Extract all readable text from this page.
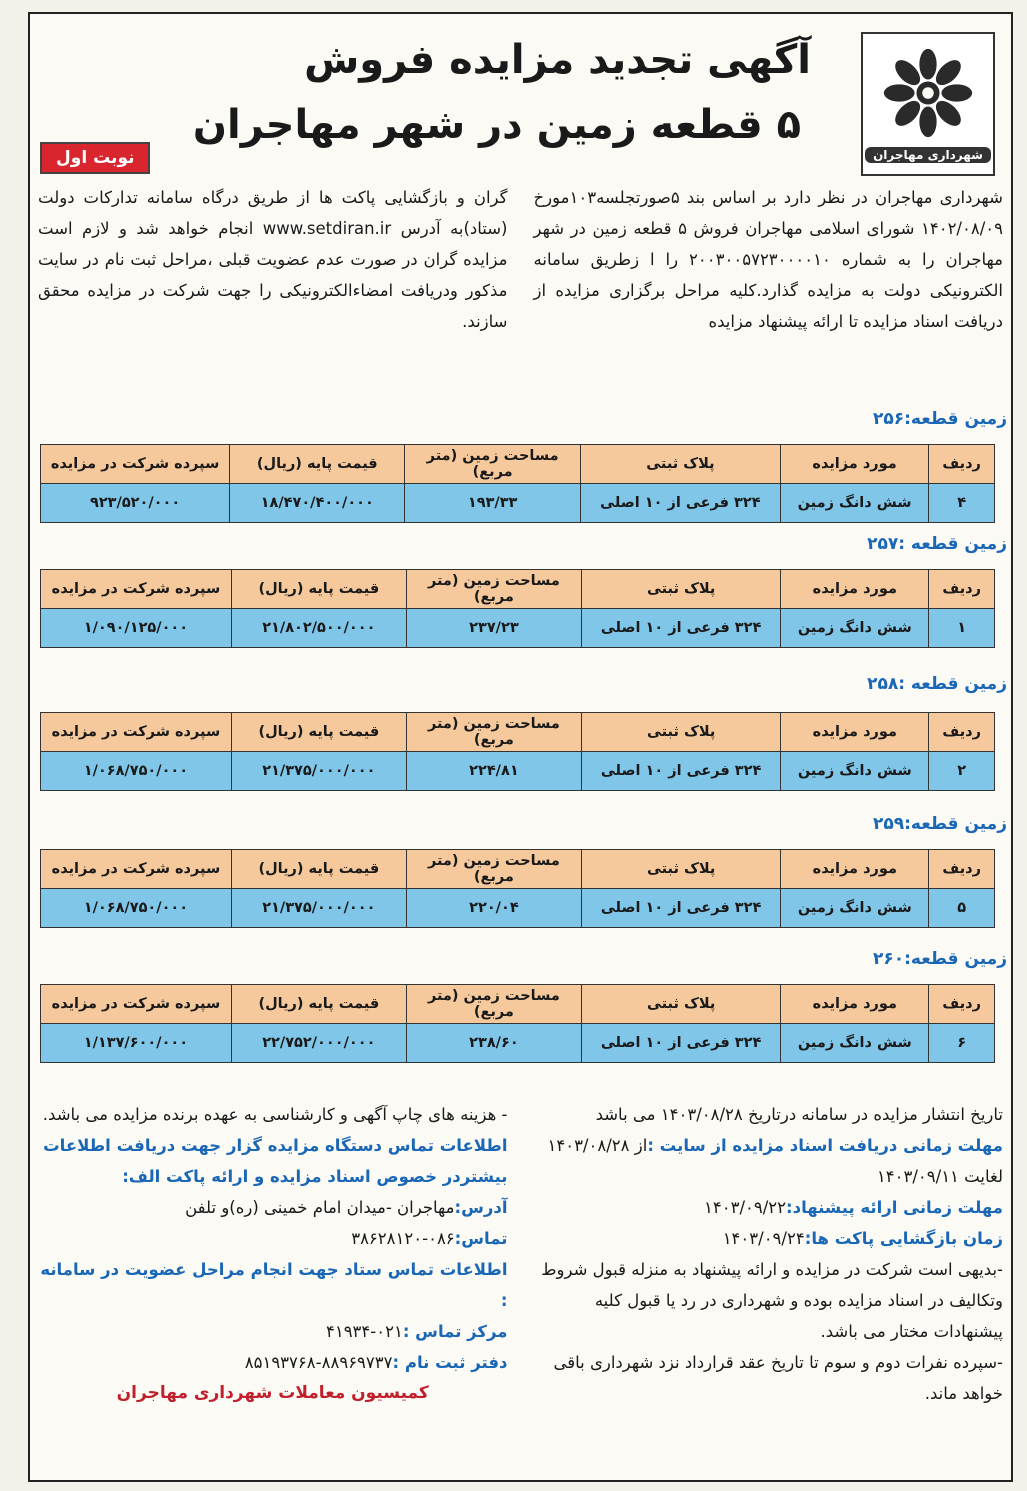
شهرداری مهاجران
آگهی تجدید مزایده فروش
۵ قطعه زمین در شهر مهاجران
نوبت اول

شهرداری مهاجران در نظر دارد بر اساس بند ۵صورتجلسه۱۰۳مورخ ۱۴۰۲/۰۸/۰۹ شورای اسلامی مهاجران فروش ۵ قطعه زمین در شهر مهاجران را به شماره ۲۰۰۳۰۰۵۷۲۳۰۰۰۰۱۰ را ا زطریق سامانه الکترونیکی دولت به مزایده گذارد.کلیه مراحل برگزاری مزایده از دریافت اسناد مزایده تا ارائه پیشنهاد مزایده

گران و بازگشایی پاکت ها از طریق درگاه سامانه تدارکات دولت (ستاد)به آدرس www.setdiran.ir انجام خواهد شد و لازم است مزایده گران در صورت عدم عضویت قبلی ،مراحل ثبت نام در سایت مذکور ودریافت امضاءالکترونیکی را جهت شرکت در مزایده محقق سازند.

زمین قطعه:۲۵۶
ردیف	مورد مزایده	پلاک ثبتی	مساحت زمین (متر مربع)	قیمت پایه (ریال)	سپرده شرکت در مزایده
۴	شش دانگ زمین	۳۲۴ فرعی از ۱۰ اصلی	۱۹۳/۳۳	۱۸/۴۷۰/۴۰۰/۰۰۰	۹۲۳/۵۲۰/۰۰۰
زمین قطعه :۲۵۷
ردیف	مورد مزایده	پلاک ثبتی	مساحت زمین (متر مربع)	قیمت پایه (ریال)	سپرده شرکت در مزایده
۱	شش دانگ زمین	۳۲۴ فرعی از ۱۰ اصلی	۲۳۷/۲۳	۲۱/۸۰۲/۵۰۰/۰۰۰	۱/۰۹۰/۱۲۵/۰۰۰
زمین قطعه :۲۵۸
ردیف	مورد مزایده	پلاک ثبتی	مساحت زمین (متر مربع)	قیمت پایه (ریال)	سپرده شرکت در مزایده
۲	شش دانگ زمین	۳۲۴ فرعی از ۱۰ اصلی	۲۲۴/۸۱	۲۱/۳۷۵/۰۰۰/۰۰۰	۱/۰۶۸/۷۵۰/۰۰۰
زمین قطعه:۲۵۹
ردیف	مورد مزایده	پلاک ثبتی	مساحت زمین (متر مربع)	قیمت پایه (ریال)	سپرده شرکت در مزایده
۵	شش دانگ زمین	۳۲۴ فرعی از ۱۰ اصلی	۲۲۰/۰۴	۲۱/۳۷۵/۰۰۰/۰۰۰	۱/۰۶۸/۷۵۰/۰۰۰
زمین قطعه:۲۶۰
ردیف	مورد مزایده	پلاک ثبتی	مساحت زمین (متر مربع)	قیمت پایه (ریال)	سپرده شرکت در مزایده
۶	شش دانگ زمین	۳۲۴ فرعی از ۱۰ اصلی	۲۳۸/۶۰	۲۲/۷۵۲/۰۰۰/۰۰۰	۱/۱۳۷/۶۰۰/۰۰۰

تاریخ انتشار مزایده در سامانه درتاریخ ۱۴۰۳/۰۸/۲۸ می باشد

مهلت زمانی دریافت اسناد مزایده از سایت :از ۱۴۰۳/۰۸/۲۸ لغایت ۱۴۰۳/۰۹/۱۱

مهلت زمانی ارائه پیشنهاد:۱۴۰۳/۰۹/۲۲

زمان بازگشایی پاکت ها:۱۴۰۳/۰۹/۲۴

-بدیهی است شرکت در مزایده و ارائه پیشنهاد به منزله قبول شروط وتکالیف در اسناد مزایده بوده و شهرداری در رد یا قبول کلیه پیشنهادات مختار می باشد.

-سپرده نفرات دوم و سوم تا تاریخ عقد قرارداد نزد شهرداری باقی خواهد ماند.

- هزینه های چاپ آگهی و کارشناسی به عهده برنده مزایده می باشد.

اطلاعات تماس دستگاه مزایده گزار جهت دریافت اطلاعات بیشتردر خصوص اسناد مزایده و ارائه پاکت الف:

آدرس:مهاجران -میدان امام خمینی (ره)و تلفن

تماس:۰۸۶-۳۸۶۲۸۱۲۰

اطلاعات تماس ستاد جهت انجام مراحل عضویت در سامانه :

مرکز تماس :۰۲۱-۴۱۹۳۴

دفتر ثبت نام :۸۸۹۶۹۷۳۷-۸۵۱۹۳۷۶۸

کمیسیون معاملات شهرداری مهاجران
